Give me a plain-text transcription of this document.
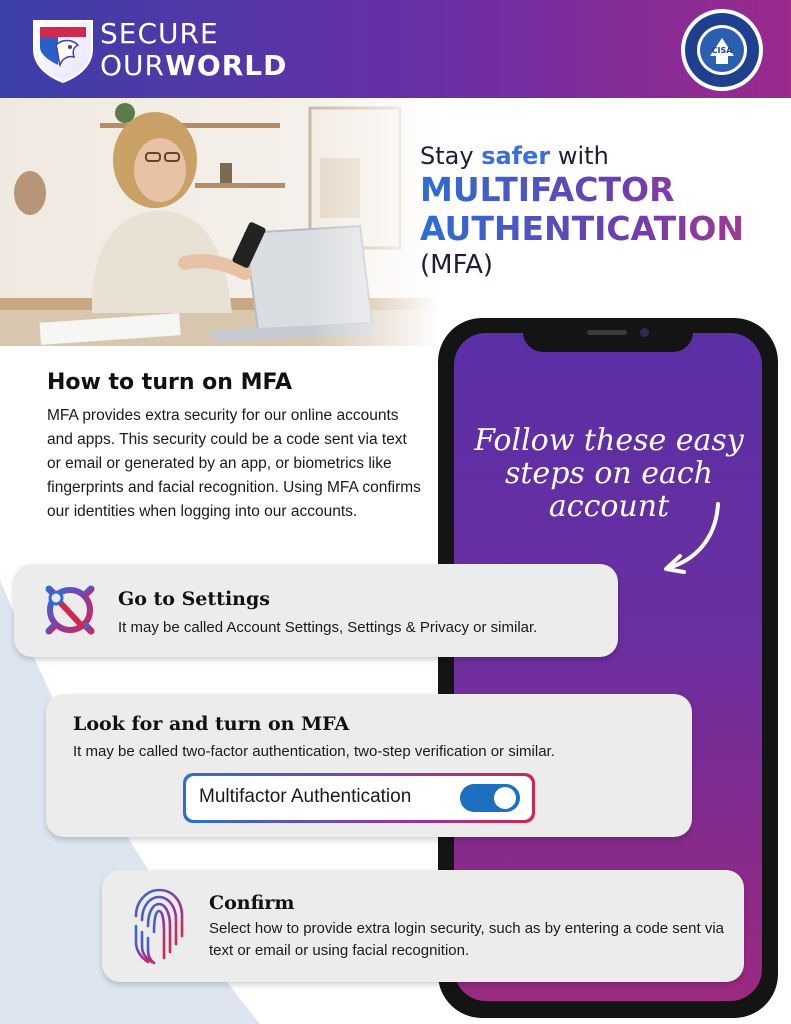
SECURE
OURWORLD	CISA
Stay safer with
MULTIFACTOR
AUTHENTICATION
(MFA)
Follow these easy
steps on each
account
How to turn on MFA
MFA provides extra security for our online accounts and apps. This security could be a code sent via text or email or generated by an app, or biometrics like fingerprints and facial recognition. Using MFA confirms our identities when logging into our accounts.
Go to Settings
It may be called Account Settings, Settings & Privacy or similar.
Look for and turn on MFA
It may be called two-factor authentication, two-step verification or similar.
Multifactor Authentication
Confirm
Select how to provide extra login security, such as by entering a code sent via text or email or using facial recognition.
